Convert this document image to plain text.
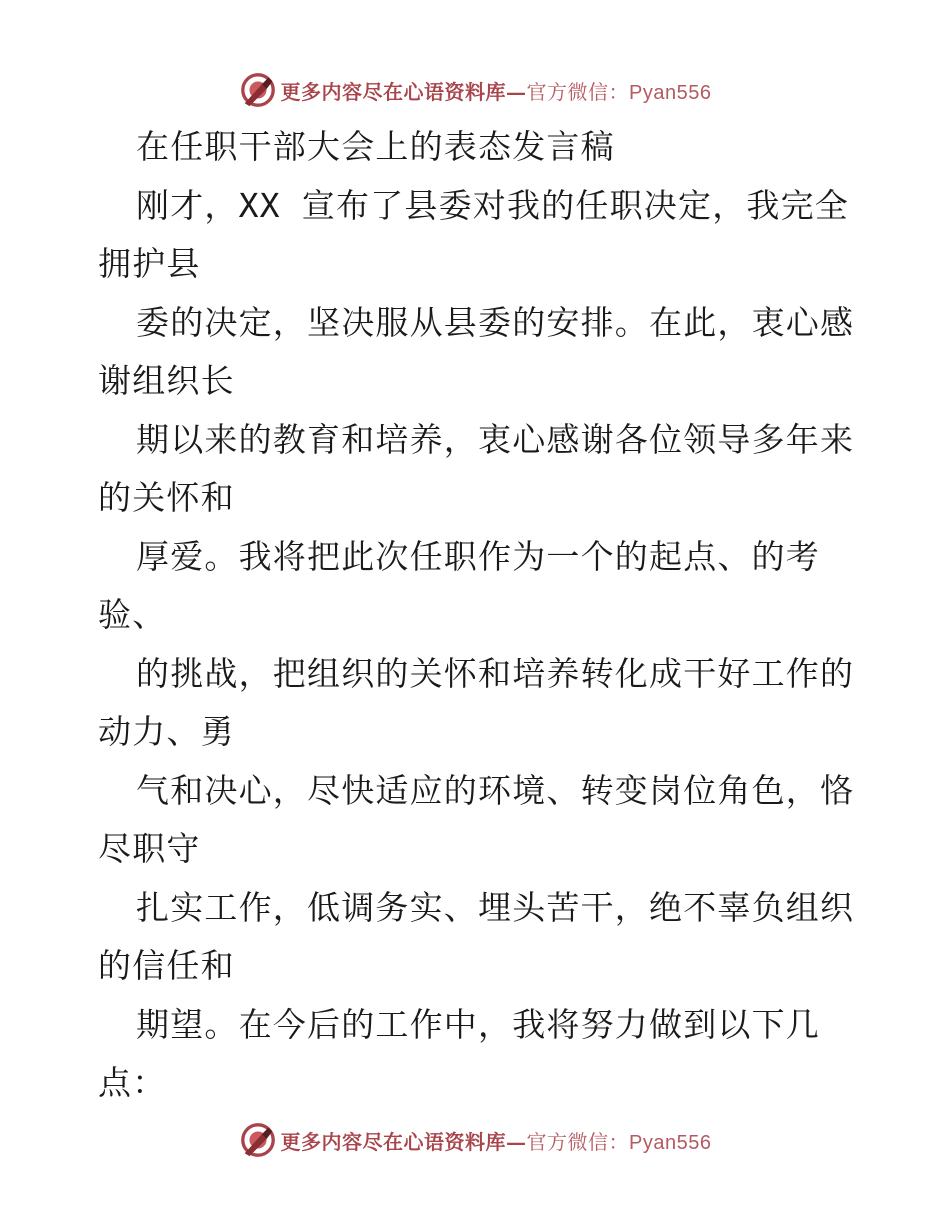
更多内容尽在心语资料库—官方微信：Pyan556
在任职干部大会上的表态发言稿
刚才，XX 宣布了县委对我的任职决定，我完全
拥护县
委的决定，坚决服从县委的安排。在此，衷心感
谢组织长
期以来的教育和培养，衷心感谢各位领导多年来
的关怀和
厚爱。我将把此次任职作为一个的起点、的考
验、
的挑战，把组织的关怀和培养转化成干好工作的
动力、勇
气和决心，尽快适应的环境、转变岗位角色，恪
尽职守
扎实工作，低调务实、埋头苦干，绝不辜负组织
的信任和
期望。在今后的工作中，我将努力做到以下几
点：
更多内容尽在心语资料库—官方微信：Pyan556
